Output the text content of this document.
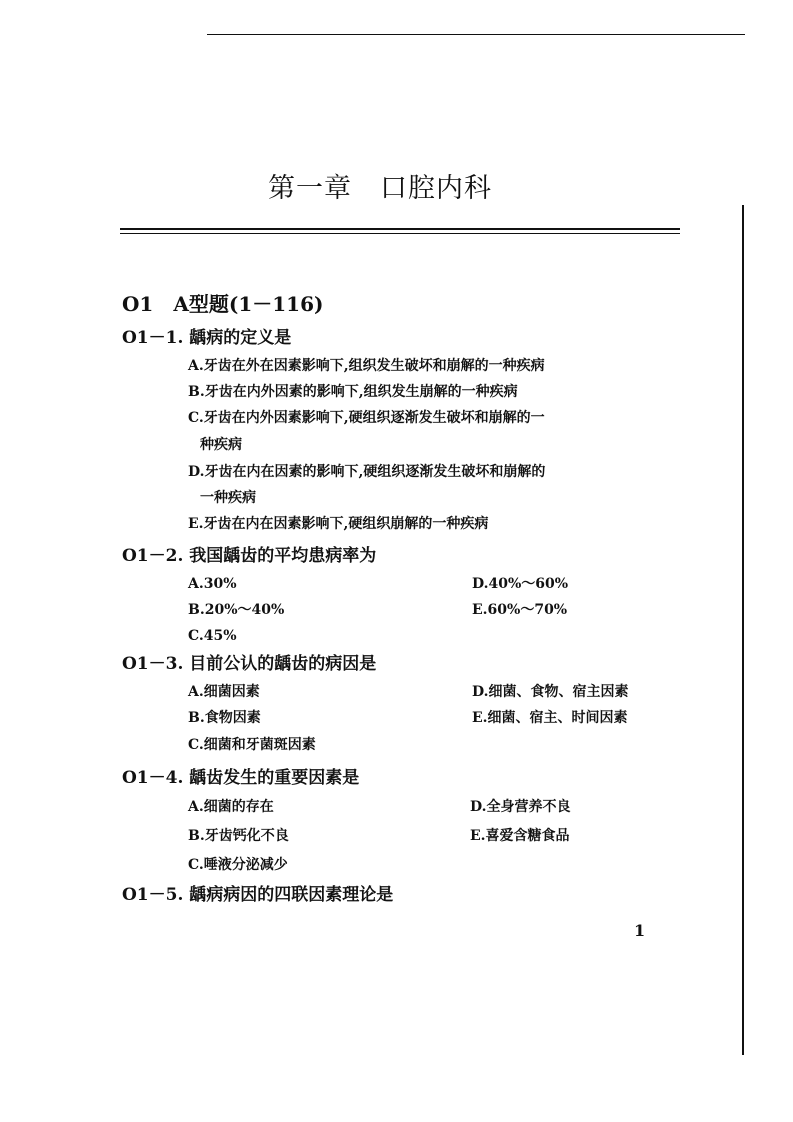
第一章　口腔内科
O1　A型题(1－116)
O1－1. 龋病的定义是
A.牙齿在外在因素影响下,组织发生破坏和崩解的一种疾病
B.牙齿在内外因素的影响下,组织发生崩解的一种疾病
C.牙齿在内外因素影响下,硬组织逐渐发生破坏和崩解的一
种疾病
D.牙齿在内在因素的影响下,硬组织逐渐发生破坏和崩解的
一种疾病
E.牙齿在内在因素影响下,硬组织崩解的一种疾病
O1－2. 我国龋齿的平均患病率为
A.30%	D.40%～60%
B.20%～40%	E.60%～70%
C.45%
O1－3. 目前公认的龋齿的病因是
A.细菌因素	D.细菌、食物、宿主因素
B.食物因素	E.细菌、宿主、时间因素
C.细菌和牙菌斑因素
O1－4. 龋齿发生的重要因素是
A.细菌的存在	D.全身营养不良
B.牙齿钙化不良	E.喜爱含糖食品
C.唾液分泌减少
O1－5. 龋病病因的四联因素理论是
1
